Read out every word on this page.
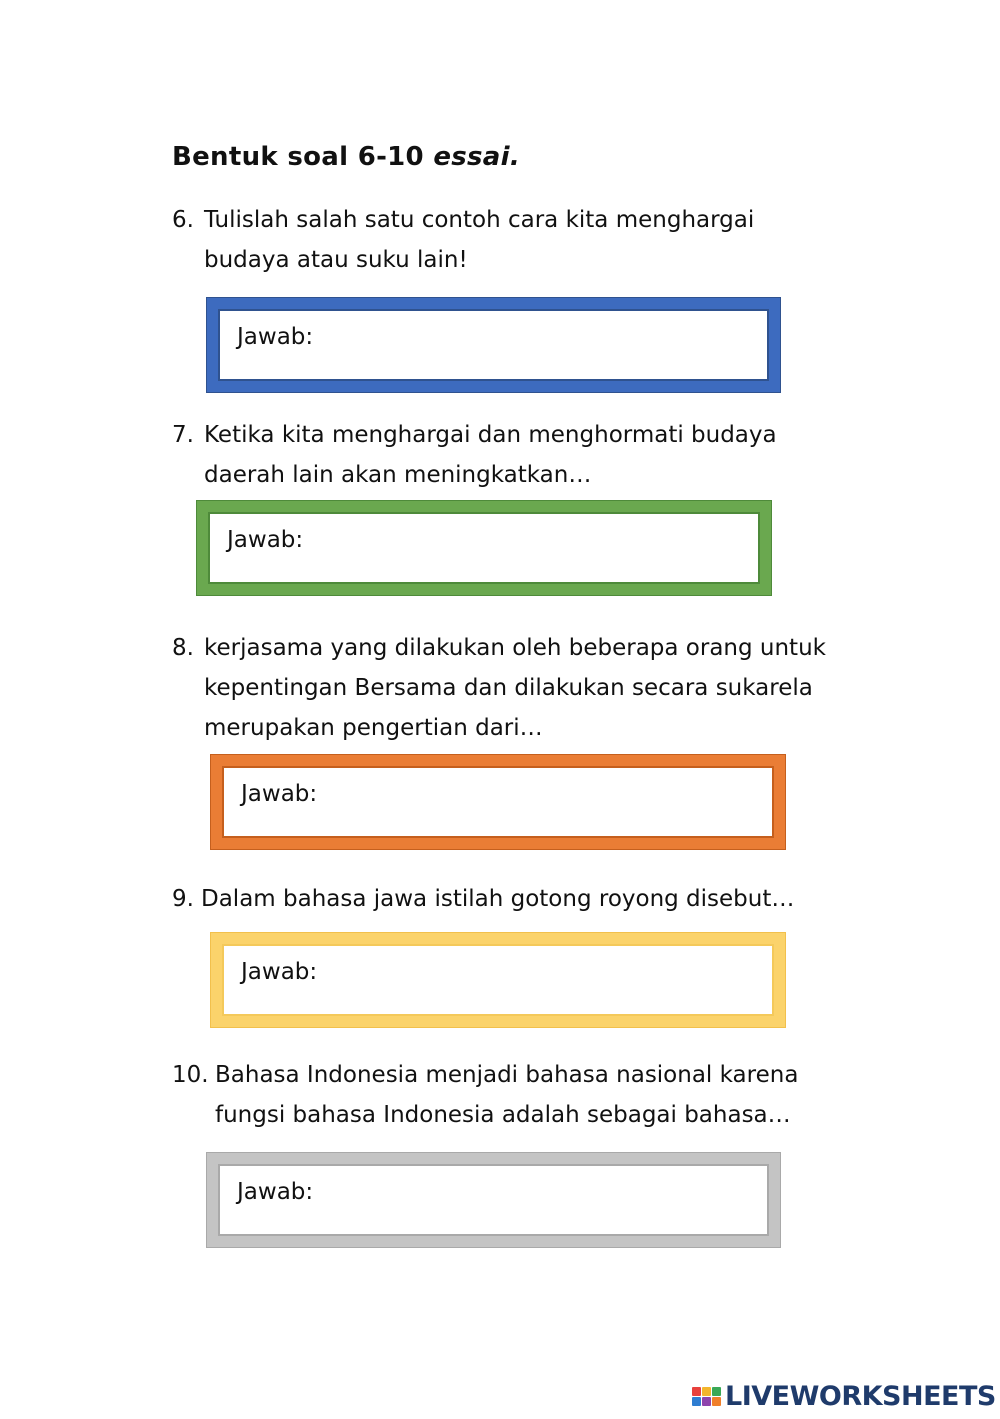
Bentuk soal 6-10 essai.
6. Tulislah salah satu contoh cara kita menghargai
budaya atau suku lain!
Jawab:
7. Ketika kita menghargai dan menghormati budaya
daerah lain akan meningkatkan…
Jawab:
8. kerjasama yang dilakukan oleh beberapa orang untuk
kepentingan Bersama dan dilakukan secara sukarela
merupakan pengertian dari…
Jawab:
9. Dalam bahasa jawa istilah gotong royong disebut…
Jawab:
10. Bahasa Indonesia menjadi bahasa nasional karena
fungsi bahasa Indonesia adalah sebagai bahasa…
Jawab:
LIVEWORKSHEETS
